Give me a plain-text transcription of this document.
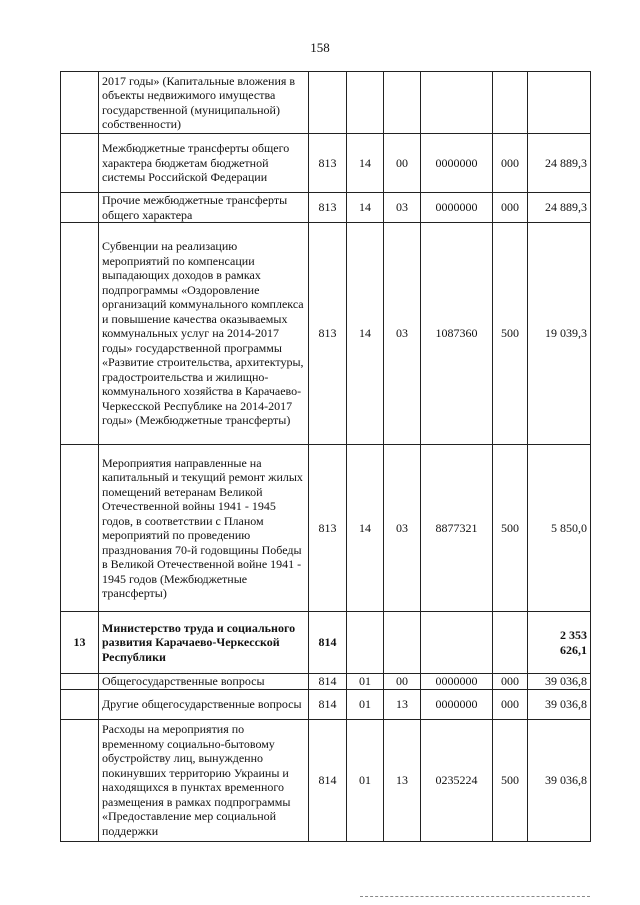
158
	2017 годы» (Капитальные вложения в объекты недвижимого имущества государственной (муниципальной) собственности)						
	Межбюджетные трансферты общего характера бюджетам бюджетной системы Российской Федерации	813	14	00	0000000	000	24 889,3
	Прочие межбюджетные трансферты общего характера	813	14	03	0000000	000	24 889,3
	Субвенции на реализацию мероприятий по компенсации выпадающих доходов в рамках подпрограммы «Оздоровление организаций коммунального комплекса и повышение качества оказываемых коммунальных услуг на 2014-2017 годы» государственной программы «Развитие строительства, архитектуры, градостроительства и жилищно-коммунального хозяйства в Карачаево-Черкесской Республике на 2014-2017 годы» (Межбюджетные трансферты)	813	14	03	1087360	500	19 039,3
	Мероприятия направленные на капитальный и текущий ремонт жилых помещений ветеранам Великой Отечественной войны 1941 - 1945 годов, в соответствии с Планом мероприятий по проведению празднования 70-й годовщины Победы в Великой Отечественной войне 1941 - 1945 годов (Межбюджетные трансферты)	813	14	03	8877321	500	5 850,0
13	Министерство труда и социального развития Карачаево-Черкесской Республики	814					2 353 626,1
	Общегосударственные вопросы	814	01	00	0000000	000	39 036,8
	Другие общегосударственные вопросы	814	01	13	0000000	000	39 036,8
	Расходы на мероприятия по временному социально-бытовому обустройству лиц, вынужденно покинувших территорию Украины и находящихся в пунктах временного размещения в рамках подпрограммы «Предоставление мер социальной поддержки	814	01	13	0235224	500	39 036,8
